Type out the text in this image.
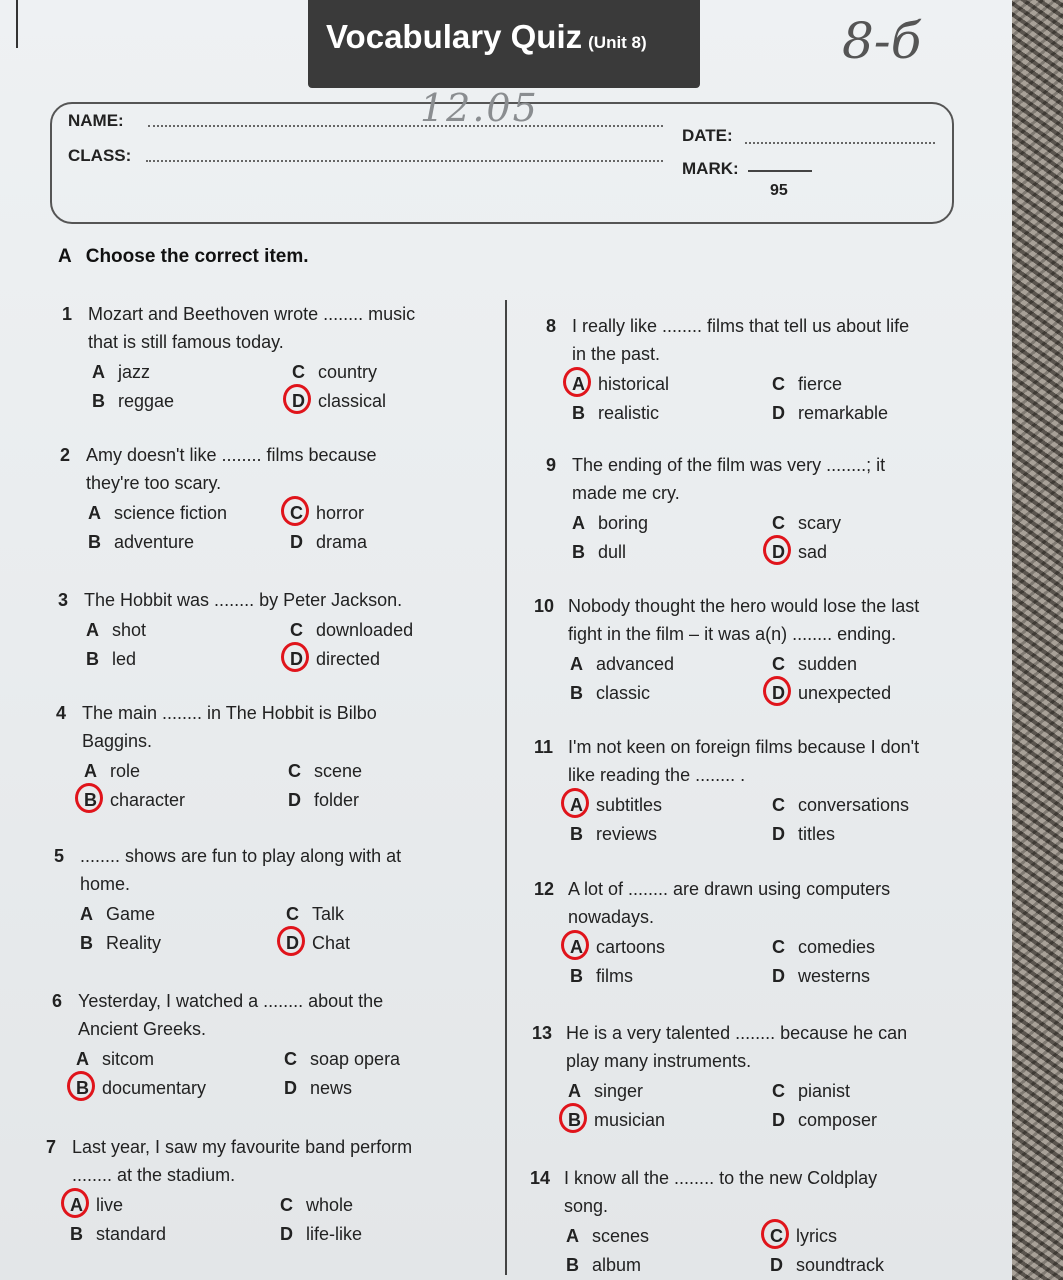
Vocabulary Quiz (Unit 8)	8-б
NAME:
CLASS:
DATE:
MARK:
95
12.05
A Choose the correct item.
1 Mozart and Beethoven wrote ........ music
that is still famous today.
A jazz
B reggae
C country
D classical
2 Amy doesn't like ........ films because
they're too scary.
A science fiction
B adventure
C horror
D drama
3 The Hobbit was ........ by Peter Jackson.
A shot
B led
C downloaded
D directed
4 The main ........ in The Hobbit is Bilbo
Baggins.
A role
B character
C scene
D folder
5 ........ shows are fun to play along with at
home.
A Game
B Reality
C Talk
D Chat
6 Yesterday, I watched a ........ about the
Ancient Greeks.
A sitcom
B documentary
C soap opera
D news
7 Last year, I saw my favourite band perform
........ at the stadium.
A live
B standard
C whole
D life-like
8 I really like ........ films that tell us about life
in the past.
A historical
B realistic
C fierce
D remarkable
9 The ending of the film was very ........; it
made me cry.
A boring
B dull
C scary
D sad
10 Nobody thought the hero would lose the last
fight in the film – it was a(n) ........ ending.
A advanced
B classic
C sudden
D unexpected
11 I'm not keen on foreign films because I don't
like reading the ........ .
A subtitles
B reviews
C conversations
D titles
12 A lot of ........ are drawn using computers
nowadays.
A cartoons
B films
C comedies
D westerns
13 He is a very talented ........ because he can
play many instruments.
A singer
B musician
C pianist
D composer
14 I know all the ........ to the new Coldplay
song.
A scenes
B album
C lyrics
D soundtrack
